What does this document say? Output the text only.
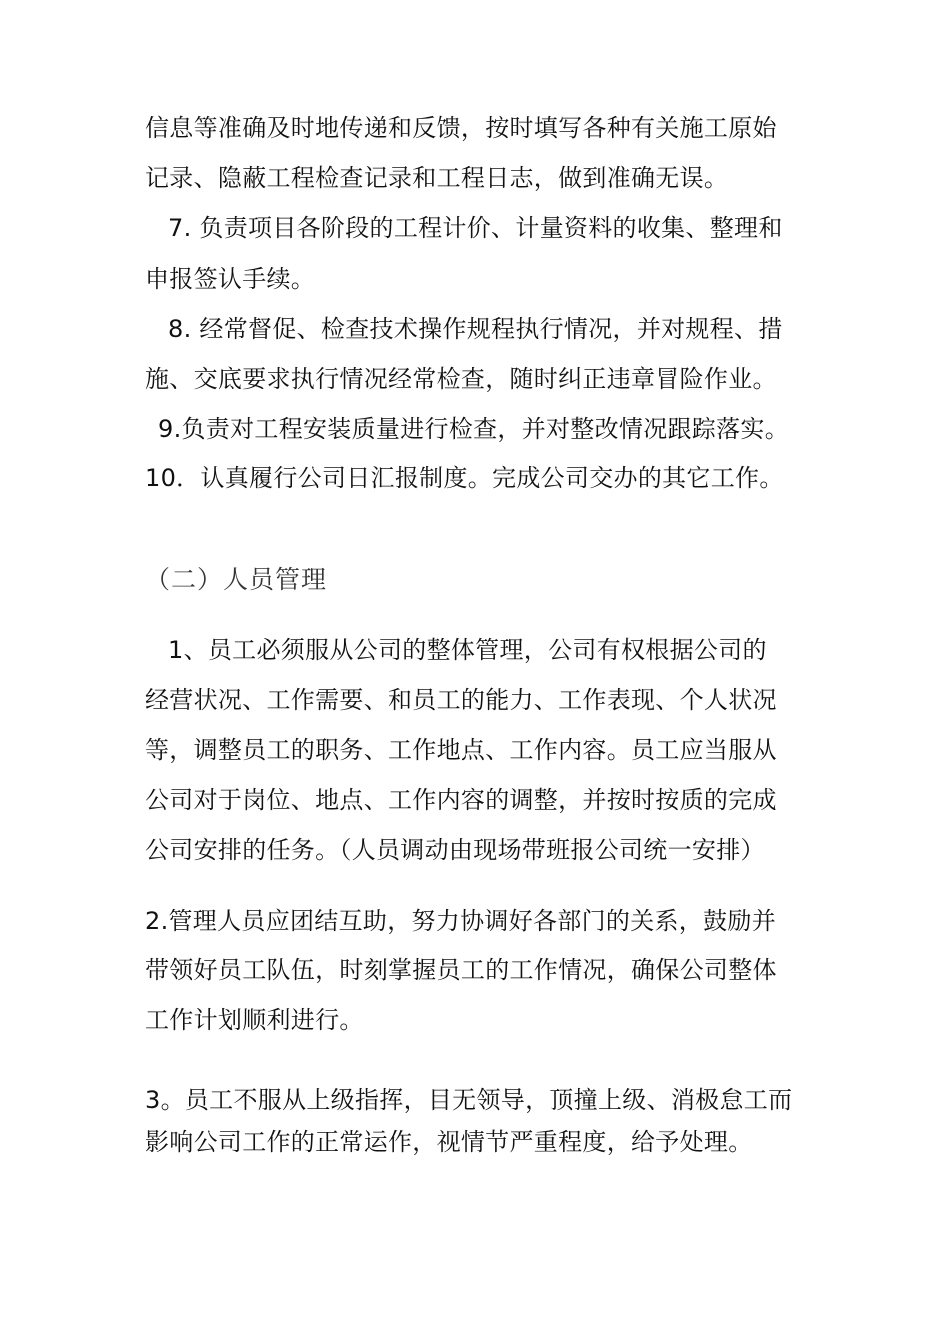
信息等准确及时地传递和反馈，按时填写各种有关施工原始
记录、隐蔽工程检查记录和工程日志，做到准确无误。
7. 负责项目各阶段的工程计价、计量资料的收集、整理和
申报签认手续。
8. 经常督促、检查技术操作规程执行情况，并对规程、措
施、交底要求执行情况经常检查，随时纠正违章冒险作业。
9.负责对工程安装质量进行检查，并对整改情况跟踪落实。
10．认真履行公司日汇报制度。完成公司交办的其它工作。
（二）人员管理
1、员工必须服从公司的整体管理，公司有权根据公司的
经营状况、工作需要、和员工的能力、工作表现、个人状况
等，调整员工的职务、工作地点、工作内容。员工应当服从
公司对于岗位、地点、工作内容的调整，并按时按质的完成
公司安排的任务。（人员调动由现场带班报公司统一安排）
2.管理人员应团结互助，努力协调好各部门的关系，鼓励并
带领好员工队伍，时刻掌握员工的工作情况，确保公司整体
工作计划顺利进行。
3。员工不服从上级指挥，目无领导，顶撞上级、消极怠工而
影响公司工作的正常运作，视情节严重程度，给予处理。
